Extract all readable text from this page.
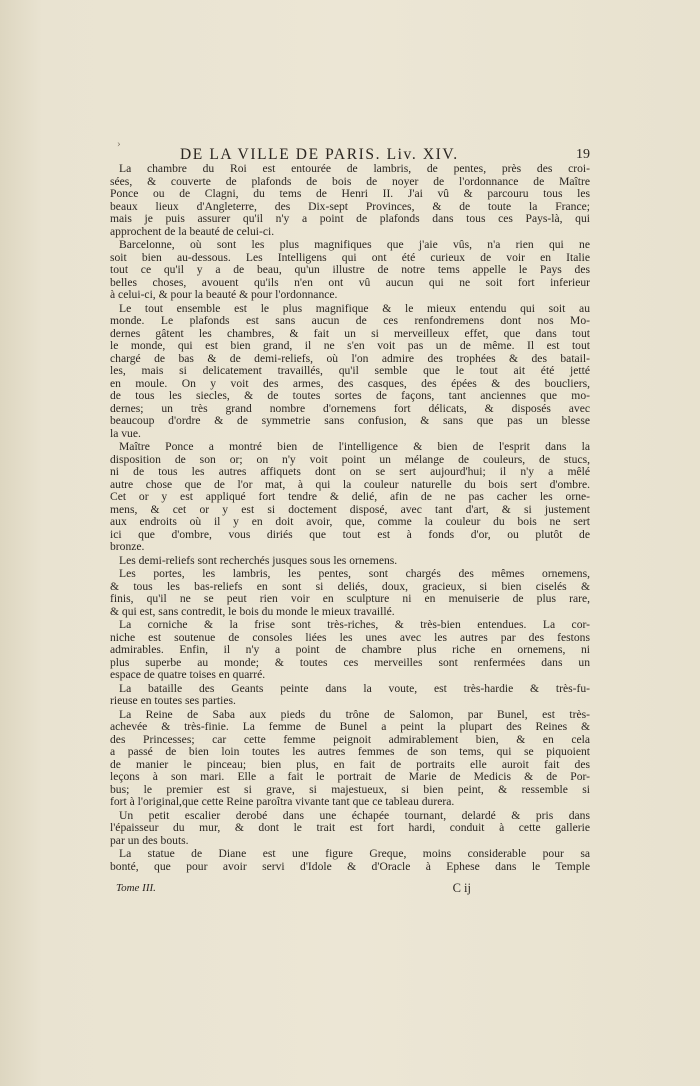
›
DE LA VILLE DE PARIS. Liv. XIV.	19
La chambre du Roi est entourée de lambris, de pentes, près des croi-
sées, & couverte de plafonds de bois de noyer de l'ordonnance de Maître
Ponce ou de Clagni, du tems de Henri II. J'ai vû & parcouru tous les
beaux lieux d'Angleterre, des Dix-sept Provinces, & de toute la France;
mais je puis assurer qu'il n'y a point de plafonds dans tous ces Pays-là, qui
approchent de la beauté de celui-ci.
Barcelonne, où sont les plus magnifiques que j'aie vûs, n'a rien qui ne
soit bien au-dessous. Les Intelligens qui ont été curieux de voir en Italie
tout ce qu'il y a de beau, qu'un illustre de notre tems appelle le Pays des
belles choses, avouent qu'ils n'en ont vû aucun qui ne soit fort inferieur
à celui-ci, & pour la beauté & pour l'ordonnance.
Le tout ensemble est le plus magnifique & le mieux entendu qui soit au
monde. Le plafonds est sans aucun de ces renfondremens dont nos Mo-
dernes gâtent les chambres, & fait un si merveilleux effet, que dans tout
le monde, qui est bien grand, il ne s'en voit pas un de même. Il est tout
chargé de bas & de demi-reliefs, où l'on admire des trophées & des batail-
les, mais si delicatement travaillés, qu'il semble que le tout ait été jetté
en moule. On y voit des armes, des casques, des épées & des boucliers,
de tous les siecles, & de toutes sortes de façons, tant anciennes que mo-
dernes; un très grand nombre d'ornemens fort délicats, & disposés avec
beaucoup d'ordre & de symmetrie sans confusion, & sans que pas un blesse
la vue.
Maître Ponce a montré bien de l'intelligence & bien de l'esprit dans la
disposition de son or; on n'y voit point un mélange de couleurs, de stucs,
ni de tous les autres affiquets dont on se sert aujourd'hui; il n'y a mêlé
autre chose que de l'or mat, à qui la couleur naturelle du bois sert d'ombre.
Cet or y est appliqué fort tendre & delié, afin de ne pas cacher les orne-
mens, & cet or y est si doctement disposé, avec tant d'art, & si justement
aux endroits où il y en doit avoir, que, comme la couleur du bois ne sert
ici que d'ombre, vous diriés que tout est à fonds d'or, ou plutôt de
bronze.
Les demi-reliefs sont recherchés jusques sous les ornemens.
Les portes, les lambris, les pentes, sont chargés des mêmes ornemens,
& tous les bas-reliefs en sont si deliés, doux, gracieux, si bien ciselés &
finis, qu'il ne se peut rien voir en sculpture ni en menuiserie de plus rare,
& qui est, sans contredit, le bois du monde le mieux travaillé.
La corniche & la frise sont très-riches, & très-bien entendues. La cor-
niche est soutenue de consoles liées les unes avec les autres par des festons
admirables. Enfin, il n'y a point de chambre plus riche en ornemens, ni
plus superbe au monde; & toutes ces merveilles sont renfermées dans un
espace de quatre toises en quarré.
La bataille des Geants peinte dans la voute, est très-hardie & très-fu-
rieuse en toutes ses parties.
La Reine de Saba aux pieds du trône de Salomon, par Bunel, est très-
achevée & très-finie. La femme de Bunel a peint la plupart des Reines &
des Princesses; car cette femme peignoit admirablement bien, & en cela
a passé de bien loin toutes les autres femmes de son tems, qui se piquoient
de manier le pinceau; bien plus, en fait de portraits elle auroit fait des
leçons à son mari. Elle a fait le portrait de Marie de Medicis & de Por-
bus; le premier est si grave, si majestueux, si bien peint, & ressemble si
fort à l'original,que cette Reine paroîtra vivante tant que ce tableau durera.
Un petit escalier derobé dans une échapée tournant, delardé & pris dans
l'épaisseur du mur, & dont le trait est fort hardi, conduit à cette gallerie
par un des bouts.
La statue de Diane est une figure Greque, moins considerable pour sa
bonté, que pour avoir servi d'Idole & d'Oracle à Ephese dans le Temple
Tome III.	C ij
